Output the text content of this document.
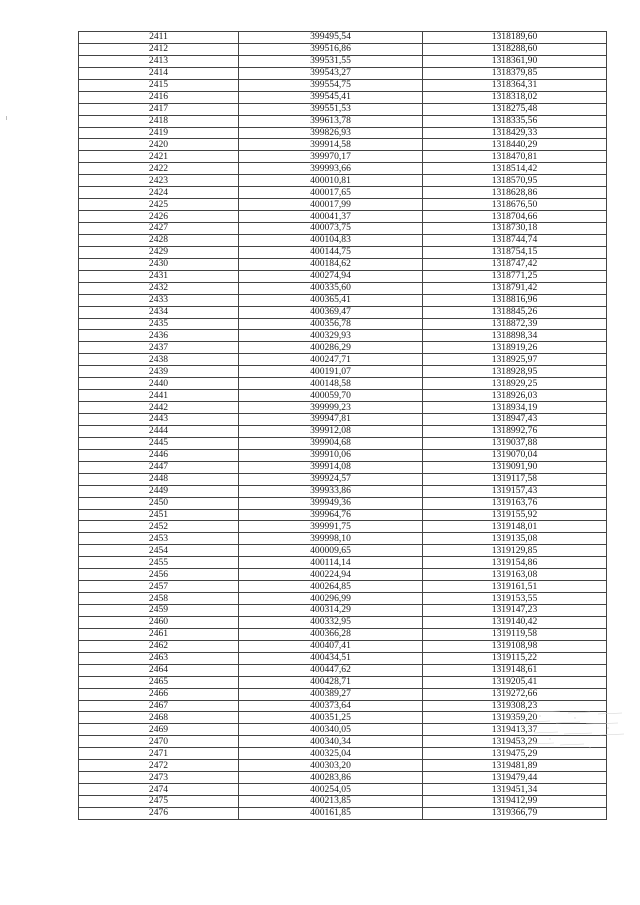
2411	399495,54	1318189,60
2412	399516,86	1318288,60
2413	399531,55	1318361,90
2414	399543,27	1318379,85
2415	399554,75	1318364,31
2416	399545,41	1318318,02
2417	399551,53	1318275,48
2418	399613,78	1318335,56
2419	399826,93	1318429,33
2420	399914,58	1318440,29
2421	399970,17	1318470,81
2422	399993,66	1318514,42
2423	400010,81	1318570,95
2424	400017,65	1318628,86
2425	400017,99	1318676,50
2426	400041,37	1318704,66
2427	400073,75	1318730,18
2428	400104,83	1318744,74
2429	400144,75	1318754,15
2430	400184,62	1318747,42
2431	400274,94	1318771,25
2432	400335,60	1318791,42
2433	400365,41	1318816,96
2434	400369,47	1318845,26
2435	400356,78	1318872,39
2436	400329,93	1318898,34
2437	400286,29	1318919,26
2438	400247,71	1318925,97
2439	400191,07	1318928,95
2440	400148,58	1318929,25
2441	400059,70	1318926,03
2442	399999,23	1318934,19
2443	399947,81	1318947,43
2444	399912,08	1318992,76
2445	399904,68	1319037,88
2446	399910,06	1319070,04
2447	399914,08	1319091,90
2448	399924,57	1319117,58
2449	399933,86	1319157,43
2450	399949,36	1319163,76
2451	399964,76	1319155,92
2452	399991,75	1319148,01
2453	399998,10	1319135,08
2454	400009,65	1319129,85
2455	400114,14	1319154,86
2456	400224,94	1319163,08
2457	400264,85	1319161,51
2458	400296,99	1319153,55
2459	400314,29	1319147,23
2460	400332,95	1319140,42
2461	400366,28	1319119,58
2462	400407,41	1319108,98
2463	400434,51	1319115,22
2464	400447,62	1319148,61
2465	400428,71	1319205,41
2466	400389,27	1319272,66
2467	400373,64	1319308,23
2468	400351,25	1319359,20
2469	400340,05	1319413,37
2470	400340,34	1319453,29
2471	400325,04	1319475,29
2472	400303,20	1319481,89
2473	400283,86	1319479,44
2474	400254,05	1319451,34
2475	400213,85	1319412,99
2476	400161,85	1319366,79
